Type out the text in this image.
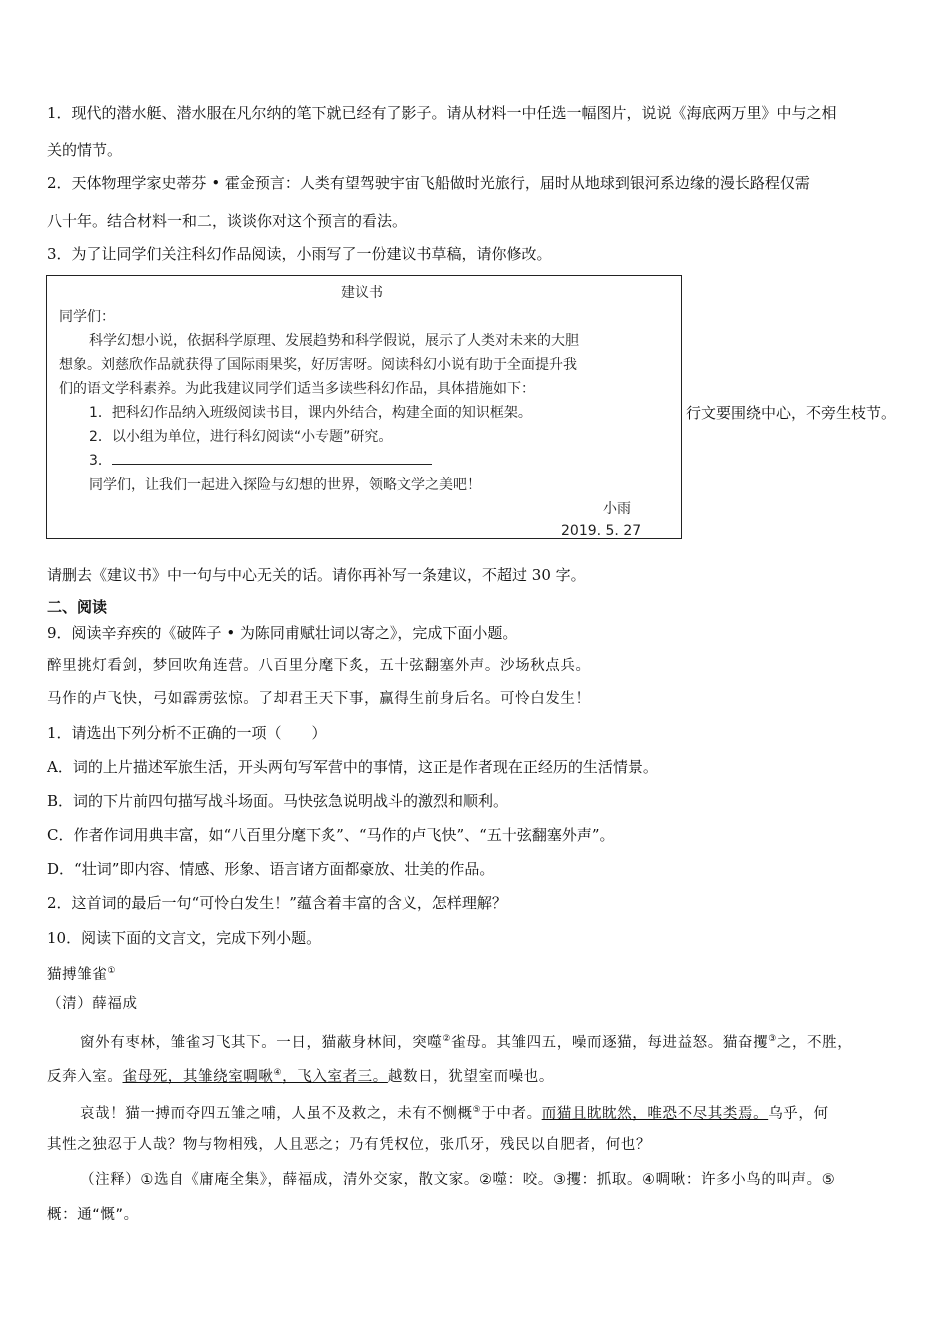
1．现代的潜水艇、潜水服在凡尔纳的笔下就已经有了影子。请从材料一中任选一幅图片，说说《海底两万里》中与之相
关的情节。
2．天体物理学家史蒂芬 • 霍金预言：人类有望驾驶宇宙飞船做时光旅行，届时从地球到银河系边缘的漫长路程仅需
八十年。结合材料一和二，谈谈你对这个预言的看法。
3．为了让同学们关注科幻作品阅读，小雨写了一份建议书草稿，请你修改。
建议书
同学们：
科学幻想小说，依据科学原理、发展趋势和科学假说，展示了人类对未来的大胆
想象。刘慈欣作品就获得了国际雨果奖，好厉害呀。阅读科幻小说有助于全面提升我
们的语文学科素养。为此我建议同学们适当多读些科幻作品，具体措施如下：
1．把科幻作品纳入班级阅读书目，课内外结合，构建全面的知识框架。
2．以小组为单位，进行科幻阅读“小专题”研究。
3．
同学们，让我们一起进入探险与幻想的世界，领略文学之美吧！
小雨
2019. 5. 27
行文要围绕中心，不旁生枝节。
请删去《建议书》中一句与中心无关的话。请你再补写一条建议，不超过 30 字。
二、阅读
9．阅读辛弃疾的《破阵子 • 为陈同甫赋壮词以寄之》，完成下面小题。
醉里挑灯看剑，梦回吹角连营。八百里分麾下炙，五十弦翻塞外声。沙场秋点兵。
马作的卢飞快，弓如霹雳弦惊。了却君王天下事，赢得生前身后名。可怜白发生！
1．请选出下列分析不正确的一项（　　）
A．词的上片描述军旅生活，开头两句写军营中的事情，这正是作者现在正经历的生活情景。
B．词的下片前四句描写战斗场面。马快弦急说明战斗的激烈和顺利。
C．作者作词用典丰富，如“八百里分麾下炙”、“马作的卢飞快”、“五十弦翻塞外声”。
D．“壮词”即内容、情感、形象、语言诸方面都豪放、壮美的作品。
2．这首词的最后一句“可怜白发生！”蕴含着丰富的含义，怎样理解？
10．阅读下面的文言文，完成下列小题。
猫搏雏雀①
（清）薛福成
窗外有枣林，雏雀习飞其下。一日，猫蔽身林间，突噬②雀母。其雏四五，噪而逐猫，每进益怒。猫奋攫③之，不胜，
反奔入室。雀母死，其雏绕室啁啾④，飞入室者三。越数日，犹望室而噪也。
哀哉！猫一搏而夺四五雏之哺，人虽不及救之，未有不恻概⑤于中者。而猫且眈眈然，唯恐不尽其类焉。乌乎，何
其性之独忍于人哉？物与物相残，人且恶之；乃有凭权位，张爪牙，残民以自肥者，何也？
（注释）①选自《庸庵全集》，薛福成，清外交家，散文家。②噬：咬。③攫：抓取。④啁啾：许多小鸟的叫声。⑤
概：通“慨”。
